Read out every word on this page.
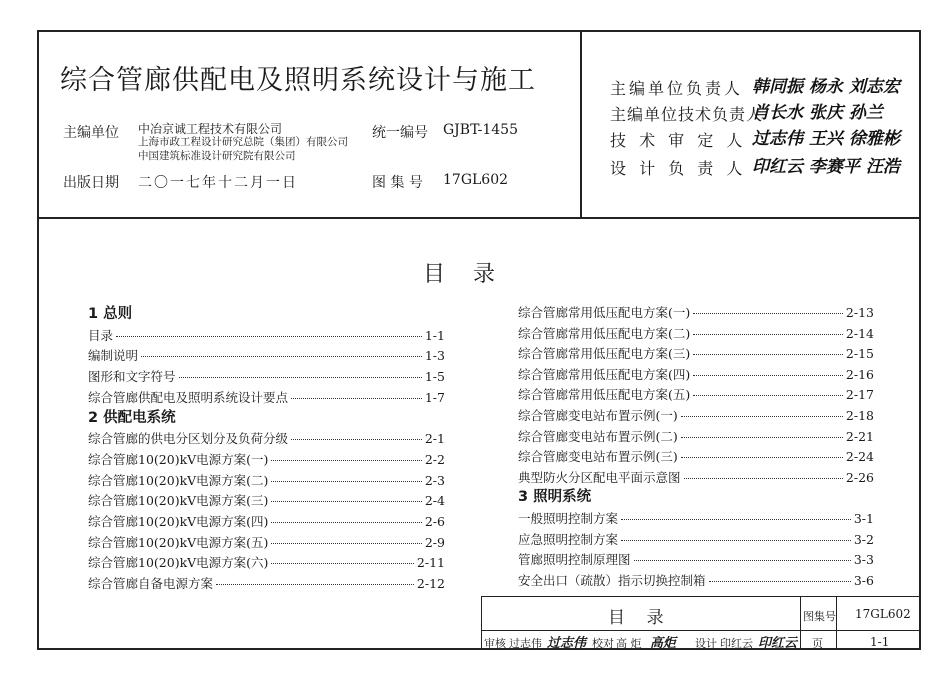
综合管廊供配电及照明系统设计与施工
主编单位 中冶京诚工程技术有限公司
上海市政工程设计研究总院（集团）有限公司
中国建筑标准设计研究院有限公司
统一编号 GJBT-1455
出版日期 二〇一七年十二月一日	图 集 号 17GL602
主编单位负责人 韩同振 杨永 刘志宏
主编单位技术负责人
肖长水 张庆 孙兰
技 术 审 定 人 过志伟 王兴 徐雅彬
设 计 负 责 人 印红云 李赛平 汪浩
目    录
1 总则
目录	1-1
编制说明	1-3
图形和文字符号	1-5
综合管廊供配电及照明系统设计要点	1-7
2 供配电系统
综合管廊的供电分区划分及负荷分级	2-1
综合管廊10(20)kV电源方案(一)	2-2
综合管廊10(20)kV电源方案(二)	2-3
综合管廊10(20)kV电源方案(三)	2-4
综合管廊10(20)kV电源方案(四)	2-6
综合管廊10(20)kV电源方案(五)	2-9
综合管廊10(20)kV电源方案(六)	2-11
综合管廊自备电源方案	2-12
综合管廊常用低压配电方案(一)	2-13
综合管廊常用低压配电方案(二)	2-14
综合管廊常用低压配电方案(三)	2-15
综合管廊常用低压配电方案(四)	2-16
综合管廊常用低压配电方案(五)	2-17
综合管廊变电站布置示例(一)	2-18
综合管廊变电站布置示例(二)	2-21
综合管廊变电站布置示例(三)	2-24
典型防火分区配电平面示意图	2-26
3 照明系统
一般照明控制方案	3-1
应急照明控制方案	3-2
管廊照明控制原理图	3-3
安全出口（疏散）指示切换控制箱	3-6
目    录	图集号 17GL602
审核 过志伟 过志伟 校对 高 炬 高炬 设计 印红云 印红云 页	1-1
